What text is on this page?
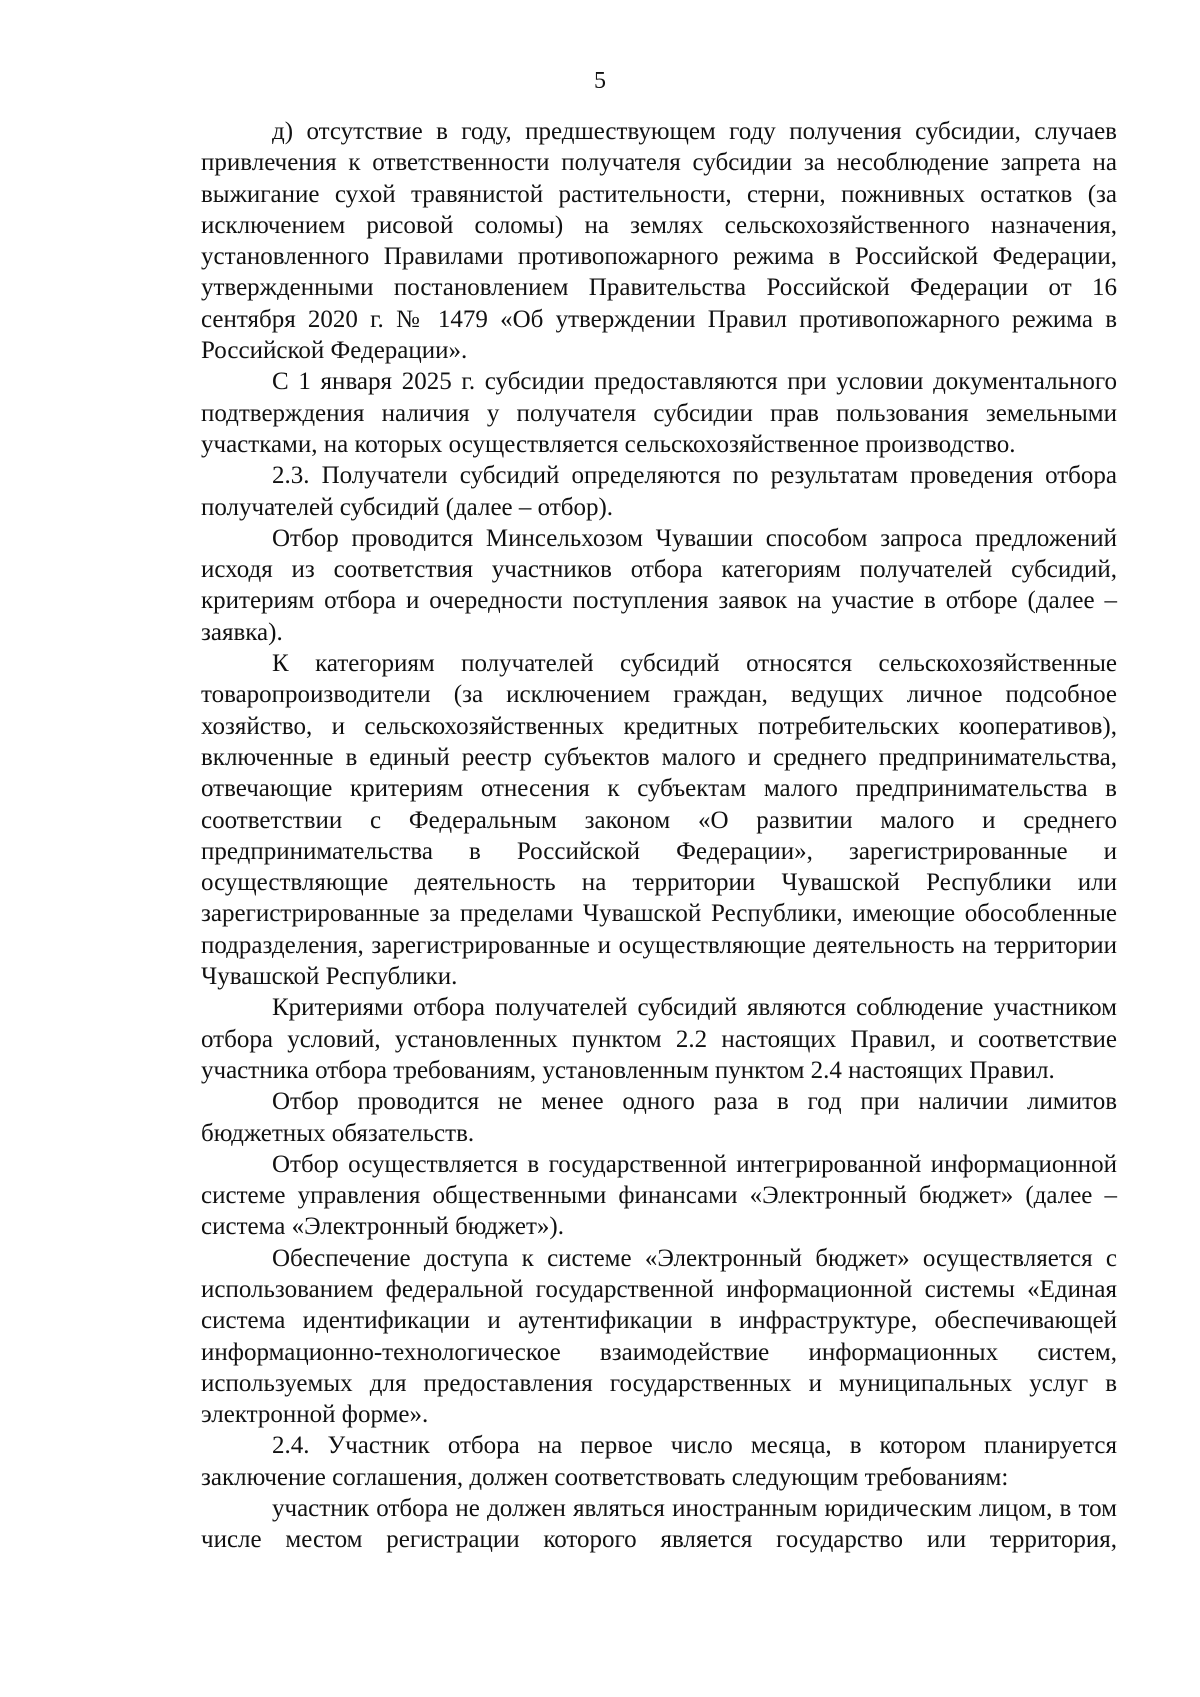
5

д) отсутствие в году, предшествующем году получения субсидии, случаев привлечения к ответственности получателя субсидии за несоблюдение запрета на выжигание сухой травянистой растительности, стерни, пожнивных остатков (за исключением рисовой соломы) на землях сельскохозяйственного назначения, установленного Правилами противопожарного режима в Российской Федерации, утвержденными постановлением Правительства Российской Федерации от 16 сентября 2020 г. № 1479 «Об утверждении Правил противопожарного режима в Российской Федерации».

С 1 января 2025 г. субсидии предоставляются при условии документального подтверждения наличия у получателя субсидии прав пользования земельными участками, на которых осуществляется сельскохозяйственное производство.

2.3. Получатели субсидий определяются по результатам проведения отбора получателей субсидий (далее – отбор).

Отбор проводится Минсельхозом Чувашии способом запроса предложений исходя из соответствия участников отбора категориям получателей субсидий, критериям отбора и очередности поступления заявок на участие в отборе (далее – заявка).

К категориям получателей субсидий относятся сельскохозяйственные товаропроизводители (за исключением граждан, ведущих личное подсобное хозяйство, и сельскохозяйственных кредитных потребительских кооперативов), включенные в единый реестр субъектов малого и среднего предпринимательства, отвечающие критериям отнесения к субъектам малого предпринимательства в соответствии с Федеральным законом «О развитии малого и среднего предпринимательства в Российской Федерации», зарегистрированные и осуществляющие деятельность на территории Чувашской Республики или зарегистрированные за пределами Чувашской Республики, имеющие обособленные подразделения, зарегистрированные и осуществляющие деятельность на территории Чувашской Республики.

Критериями отбора получателей субсидий являются соблюдение участником отбора условий, установленных пунктом 2.2 настоящих Правил, и соответствие участника отбора требованиям, установленным пунктом 2.4 настоящих Правил.

Отбор проводится не менее одного раза в год при наличии лимитов бюджетных обязательств.

Отбор осуществляется в государственной интегрированной информационной системе управления общественными финансами «Электронный бюджет» (далее – система «Электронный бюджет»).

Обеспечение доступа к системе «Электронный бюджет» осуществляется с использованием федеральной государственной информационной системы «Единая система идентификации и аутентификации в инфраструктуре, обеспечивающей информационно-технологическое взаимодействие информационных систем, используемых для предоставления государственных и муниципальных услуг в электронной форме».

2.4. Участник отбора на первое число месяца, в котором планируется заключение соглашения, должен соответствовать следующим требованиям:

участник отбора не должен являться иностранным юридическим лицом, в том числе местом регистрации которого является государство или территория,
